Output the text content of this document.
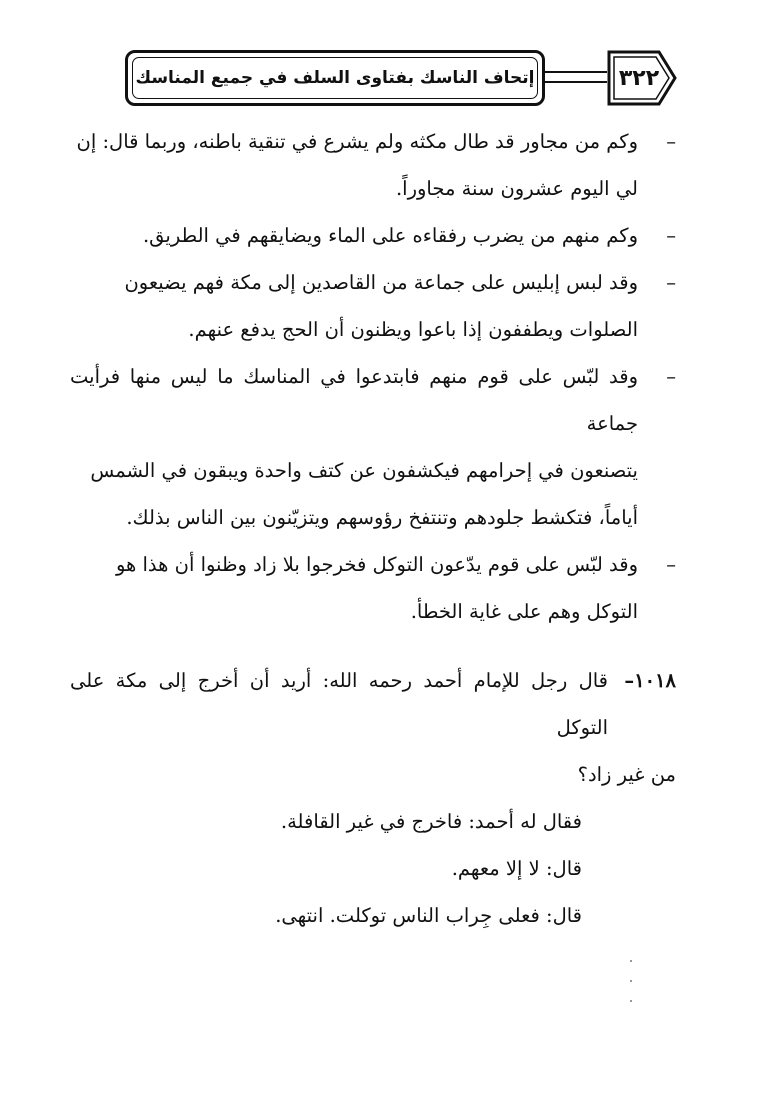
إتحاف الناسك بفتاوى السلف في جميع المناسك	٣٢٢
–
وكم من مجاور قد طال مكثه ولم يشرع في تنقية باطنه، وربما قال: إن
لي اليوم عشرون سنة مجاوراً.
–
وكم منهم من يضرب رفقاءه على الماء ويضايقهم في الطريق.
–
وقد لبس إبليس على جماعة من القاصدين إلى مكة فهم يضيعون
الصلوات ويطففون إذا باعوا ويظنون أن الحج يدفع عنهم.
–
وقد لبّس على قوم منهم فابتدعوا في المناسك ما ليس منها فرأيت جماعة
يتصنعون في إحرامهم فيكشفون عن كتف واحدة ويبقون في الشمس
أياماً، فتكشط جلودهم وتنتفخ رؤوسهم ويتزيّنون بين الناس بذلك.
–
وقد لبّس على قوم يدّعون التوكل فخرجوا بلا زاد وظنوا أن هذا هو
التوكل وهم على غاية الخطأ.
١٠١٨–
قال رجل للإمام أحمد رحمه الله: أريد أن أخرج إلى مكة على التوكل
من غير زاد؟
فقال له أحمد: فاخرج في غير القافلة.
قال: لا إلا معهم.
قال: فعلى جِراب الناس توكلت. انتهى.
